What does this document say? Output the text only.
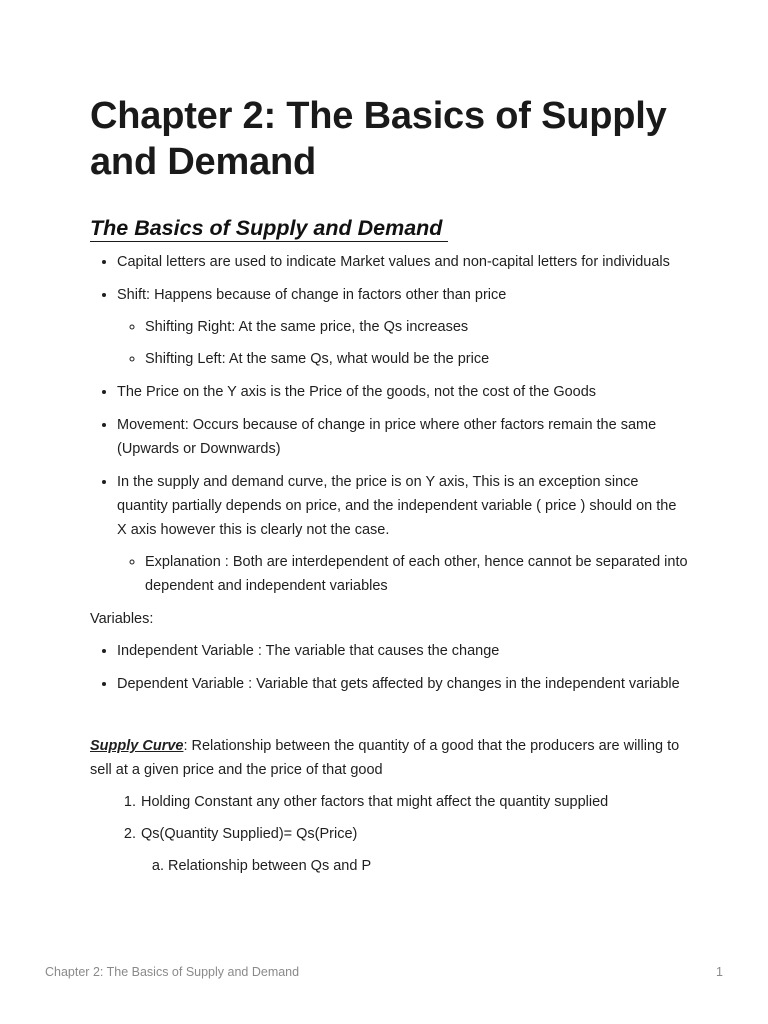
Chapter 2: The Basics of Supply and Demand
The Basics of Supply and Demand
• Capital letters are used to indicate Market values and non-capital letters for individuals
• Shift: Happens because of change in factors other than price
◦ Shifting Right: At the same price, the Qs increases
◦ Shifting Left: At the same Qs, what would be the price
• The Price on the Y axis is the Price of the goods, not the cost of the Goods
• Movement: Occurs because of change in price where other factors remain the same (Upwards or Downwards)
• In the supply and demand curve, the price is on Y axis, This is an exception since quantity partially depends on price, and the independent variable ( price ) should on the X axis however this is clearly not the case.
◦ Explanation : Both are interdependent of each other, hence cannot be separated into dependent and independent variables

Variables:

• Independent Variable : The variable that causes the change
• Dependent Variable : Variable that gets affected by changes in the independent variable

Supply Curve: Relationship between the quantity of a good that the producers are willing to sell at a given price and the price of that good

1. Holding Constant any other factors that might affect the quantity supplied
2. Qs(Quantity Supplied)= Qs(Price)
a. Relationship between Qs and P
Chapter 2: The Basics of Supply and Demand	1
